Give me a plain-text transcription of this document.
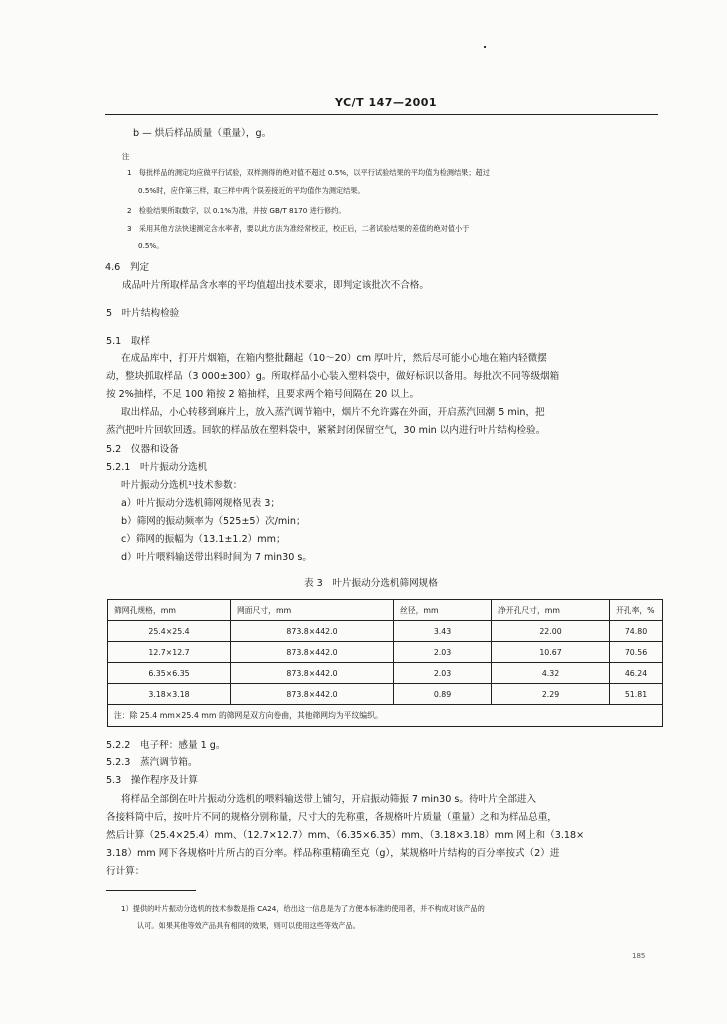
YC/T 147—2001
b — 烘后样品质量（重量），g。
注
1　每批样品的测定均应做平行试验，双样测得的绝对值不超过 0.5%，以平行试验结果的平均值为检测结果；超过
0.5%时，应作第三样，取三样中两个误差接近的平均值作为测定结果。
2　检验结果所取数字，以 0.1%为准，并按 GB/T 8170 进行修约。
3　采用其他方法快速测定含水率者，要以此方法为准经常校正，校正后，二者试验结果的差值的绝对值小于
0.5%。
4.6　判定
成品叶片所取样品含水率的平均值超出技术要求，即判定该批次不合格。
5　叶片结构检验
5.1　取样
在成品库中，打开片烟箱，在箱内整批翻起（10～20）cm 厚叶片，然后尽可能小心地在箱内轻微摆
动，整块抓取样品（3 000±300）g。所取样品小心装入塑料袋中，做好标识以备用。每批次不同等级烟箱
按 2%抽样，不足 100 箱按 2 箱抽样，且要求两个箱号间隔在 20 以上。
取出样品，小心转移到麻片上，放入蒸汽调节箱中，烟片不允许露在外面，开启蒸汽回潮 5 min，把
蒸汽把叶片回软回透。回软的样品放在塑料袋中，紧紧封闭保留空气，30 min 以内进行叶片结构检验。
5.2　仪器和设备
5.2.1　叶片振动分选机
叶片振动分选机¹⁾技术参数：
a）叶片振动分选机筛网规格见表 3；
b）筛网的振动频率为（525±5）次/min；
c）筛网的振幅为（13.1±1.2）mm；
d）叶片喂料输送带出料时间为 7 min30 s。
表 3　叶片振动分选机筛网规格
5.2.2　电子秤：感量 1 g。
5.2.3　蒸汽调节箱。
5.3　操作程序及计算
将样品全部倒在叶片振动分选机的喂料输送带上铺匀，开启振动筛振 7 min30 s。待叶片全部进入
各接料筒中后，按叶片不同的规格分别称量，尺寸大的先称重，各规格叶片质量（重量）之和为样品总重，
然后计算（25.4×25.4）mm、（12.7×12.7）mm、（6.35×6.35）mm、（3.18×3.18）mm 网上和（3.18×
3.18）mm 网下各规格叶片所占的百分率。样品称重精确至克（g），某规格叶片结构的百分率按式（2）进
行计算：
1）提供的叶片振动分选机的技术参数是指 CA24，给出这一信息是为了方便本标准的使用者，并不构成对该产品的
认可。如果其他等效产品具有相同的效果，则可以使用这些等效产品。
筛网孔规格，mm	网面尺寸，mm	丝径，mm	净开孔尺寸，mm	开孔率，%
25.4×25.4	873.8×442.0	3.43	22.00	74.80
12.7×12.7	873.8×442.0	2.03	10.67	70.56
6.35×6.35	873.8×442.0	2.03	4.32	46.24
3.18×3.18	873.8×442.0	0.89	2.29	51.81
注：除 25.4 mm×25.4 mm 的筛网是双方向卷曲，其他筛网均为平纹编织。				
185
